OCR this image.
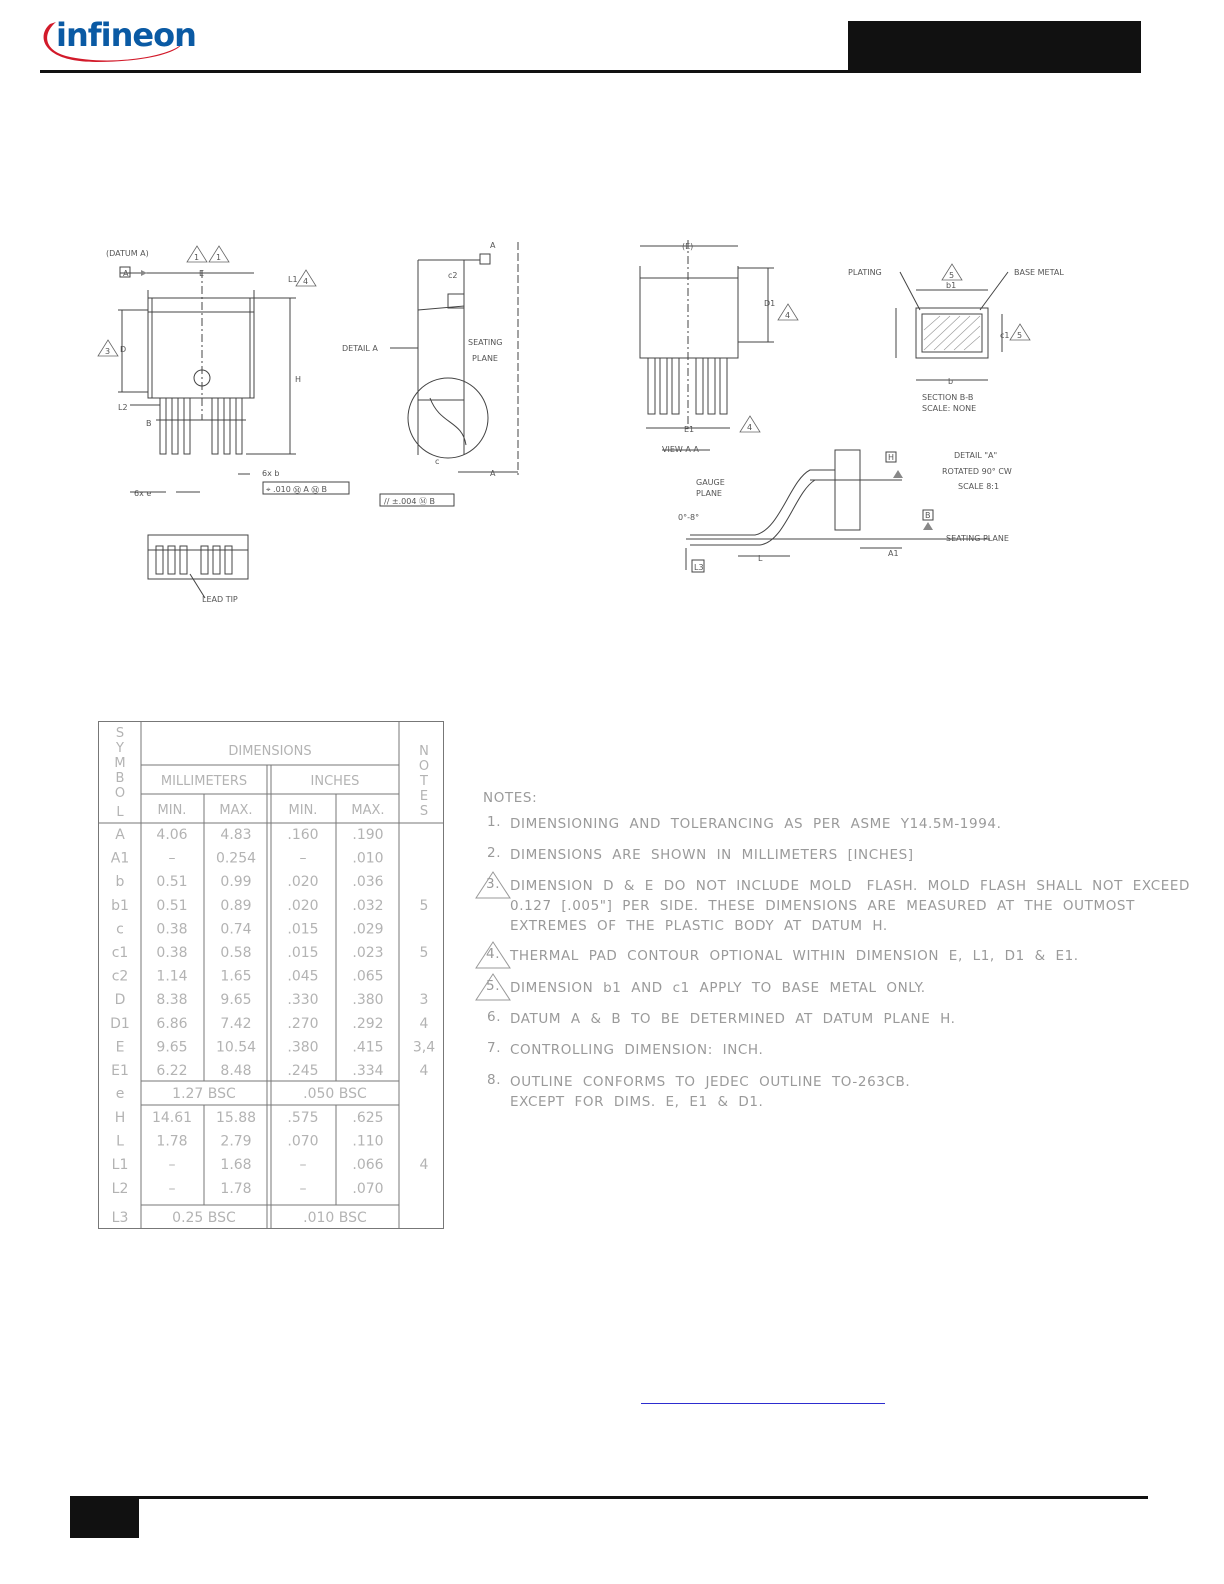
infineon
(DATUM A)
A	E
L1
D
H
L2
B
6x b
6x e	⌖ .010 Ⓜ A Ⓜ B
DETAIL A
SEATING
PLANE
c2
c
A
A
// ±.004 Ⓜ B
LEAD TIP
(E)
D1
E1
VIEW A-A
PLATING	BASE METAL
b1
c1
b
SECTION B-B
SCALE: NONE
DETAIL "A"
ROTATED 90° CW
SCALE 8:1
H
B
GAUGE
PLANE
0°-8°
SEATING PLANE
A1
L
L3
1 1
4
3
4
4
5
5
S
Y
M
B
O
L
N
O
T
E
S
DIMENSIONS
MILLIMETERS	INCHES
MIN.	MAX.	MIN.	MAX.
A 4.06 4.83	.160 .190
A1	–	0.254	–	.010
b 0.51 0.99	.020 .036
b1 0.51 0.89	.020 .032	5
c 0.38 0.74	.015 .029
c1 0.38 0.58	.015 .023	5
c2 1.14 1.65	.045 .065
D 8.38 9.65	.330 .380	3
D1 6.86 7.42	.270 .292	4
E 9.65 10.54 .380 .415 3,4
E1 6.22 8.48	.245 .334	4
e	1.27 BSC	.050 BSC
H 14.61 15.88 .575 .625
L 1.78 2.79	.070 .110
L1	–	1.68	–	.066	4
L2	–	1.78	–	.070
L3	0.25 BSC	.010 BSC
NOTES:
1. DIMENSIONING  AND  TOLERANCING  AS  PER  ASME  Y14.5M-1994.
2. DIMENSIONS  ARE  SHOWN  IN  MILLIMETERS  [INCHES]
3. DIMENSION  D  &  E  DO  NOT  INCLUDE  MOLD   FLASH.  MOLD  FLASH  SHALL  NOT  EXCEED
0.127  [.005"]  PER  SIDE.  THESE  DIMENSIONS  ARE  MEASURED  AT  THE  OUTMOST
EXTREMES  OF  THE  PLASTIC  BODY  AT  DATUM  H.
4. THERMAL  PAD  CONTOUR  OPTIONAL  WITHIN  DIMENSION  E,  L1,  D1  &  E1.
5. DIMENSION  b1  AND  c1  APPLY  TO  BASE  METAL  ONLY.
6. DATUM  A  &  B  TO  BE  DETERMINED  AT  DATUM  PLANE  H.
7. CONTROLLING  DIMENSION:  INCH.
8. OUTLINE  CONFORMS  TO  JEDEC  OUTLINE  TO-263CB.
EXCEPT  FOR  DIMS.  E,  E1  &  D1.
